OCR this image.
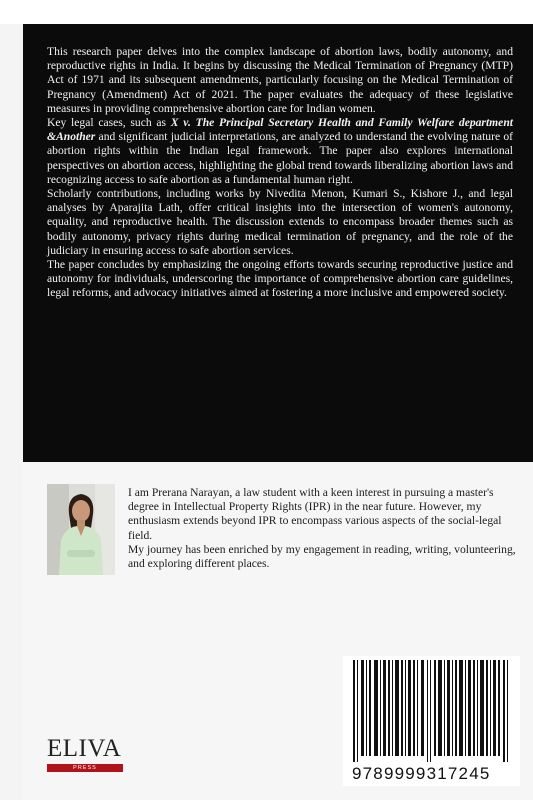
This research paper delves into the complex landscape of abortion laws, bodily autonomy, and reproductive rights in India. It begins by discussing the Medical Termination of Pregnancy (MTP) Act of 1971 and its subsequent amendments, particularly focusing on the Medical Termination of Pregnancy (Amendment) Act of 2021. The paper evaluates the adequacy of these legislative measures in providing comprehensive abortion care for Indian women.

Key legal cases, such as X v. The Principal Secretary Health and Family Welfare department &Another and significant judicial interpretations, are analyzed to understand the evolving nature of abortion rights within the Indian legal framework. The paper also explores international perspectives on abortion access, highlighting the global trend towards liberalizing abortion laws and recognizing access to safe abortion as a fundamental human right.

Scholarly contributions, including works by Nivedita Menon, Kumari S., Kishore J., and legal analyses by Aparajita Lath, offer critical insights into the intersection of women's autonomy, equality, and reproductive health. The discussion extends to encompass broader themes such as bodily autonomy, privacy rights during medical termination of pregnancy, and the role of the judiciary in ensuring access to safe abortion services.

The paper concludes by emphasizing the ongoing efforts towards securing reproductive justice and autonomy for individuals, underscoring the importance of comprehensive abortion care guidelines, legal reforms, and advocacy initiatives aimed at fostering a more inclusive and empowered society.

I am Prerana Narayan, a law student with a keen interest in pursuing a master's degree in Intellectual Property Rights (IPR) in the near future. However, my enthusiasm extends beyond IPR to encompass various aspects of the social-legal field.

My journey has been enriched by my engagement in reading, writing, volunteering, and exploring different places.

9789999317245
ELIVA
PRESS
